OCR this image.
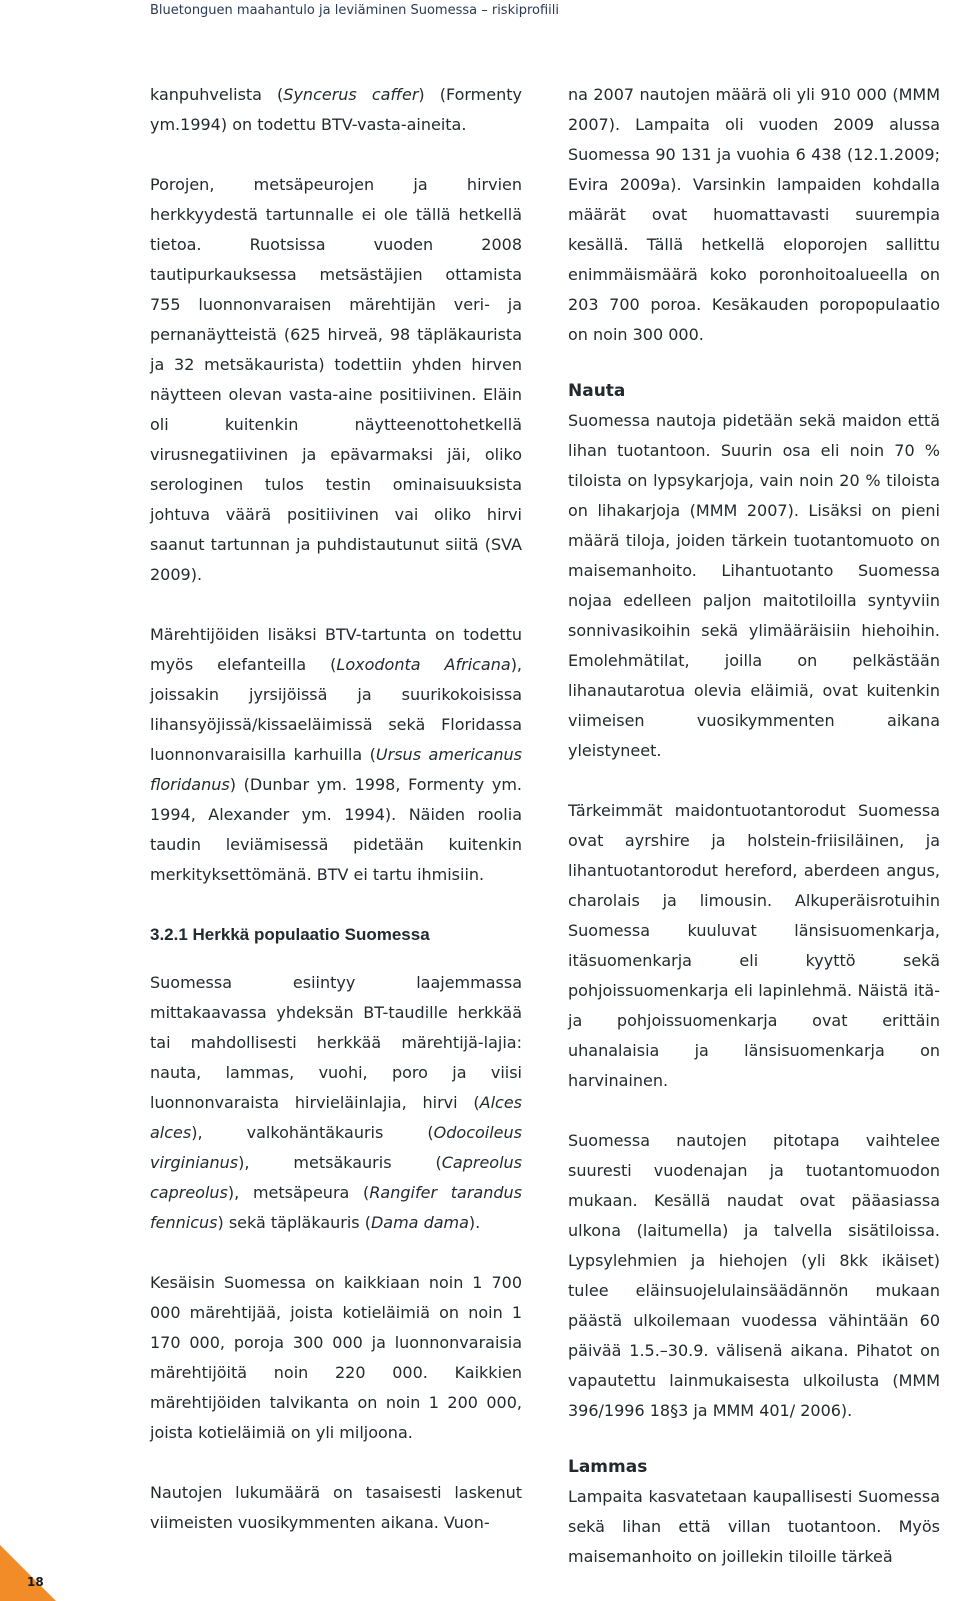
Bluetonguen maahantulo ja leviäminen Suomessa – riskiprofiili

kanpuhvelista (Syncerus caffer) (Formenty ym.1994) on todettu BTV-vasta-aineita.

Porojen, metsäpeurojen ja hirvien herkkyydestä tartunnalle ei ole tällä hetkellä tietoa. Ruotsissa vuoden 2008 tautipurkauksessa metsästäjien ottamista 755 luonnonvaraisen märehtijän veri- ja pernanäytteistä (625 hirveä, 98 täpläkaurista ja 32 metsäkaurista) todettiin yhden hirven näytteen olevan vasta-aine positiivinen. Eläin oli kuitenkin näytteenottohetkellä virusnegatiivinen ja epävarmaksi jäi, oliko serologinen tulos testin ominaisuuksista johtuva väärä positiivinen vai oliko hirvi saanut tartunnan ja puhdistautunut siitä (SVA 2009).

Märehtijöiden lisäksi BTV-tartunta on todettu myös elefanteilla (Loxodonta Africana), joissakin jyrsijöissä ja suurikokoisissa lihansyöjissä/kissaeläimissä sekä Floridassa luonnonvaraisilla karhuilla (Ursus americanus floridanus) (Dunbar ym. 1998, Formenty ym. 1994, Alexander ym. 1994). Näiden roolia taudin leviämisessä pidetään kuitenkin merkityksettömänä. BTV ei tartu ihmisiin.

3.2.1 Herkkä populaatio Suomessa

Suomessa esiintyy laajemmassa mittakaavassa yhdeksän BT-taudille herkkää tai mahdollisesti herkkää märehtijä-lajia: nauta, lammas, vuohi, poro ja viisi luonnonvaraista hirvieläinlajia, hirvi (Alces alces), valkohäntäkauris (Odocoileus virginianus), metsäkauris (Capreolus capreolus), metsäpeura (Rangifer tarandus fennicus) sekä täpläkauris (Dama dama).

Kesäisin Suomessa on kaikkiaan noin 1 700 000 märehtijää, joista kotieläimiä on noin 1 170 000, poroja 300 000 ja luonnonvaraisia märehtijöitä noin 220 000. Kaikkien märehtijöiden talvikanta on noin 1 200 000, joista kotieläimiä on yli miljoona.

Nautojen lukumäärä on tasaisesti laskenut viimeisten vuosikymmenten aikana. Vuon-

na 2007 nautojen määrä oli yli 910 000 (MMM 2007). Lampaita oli vuoden 2009 alussa Suomessa 90 131 ja vuohia 6 438 (12.1.2009; Evira 2009a). Varsinkin lampaiden kohdalla määrät ovat huomattavasti suurempia kesällä. Tällä hetkellä eloporojen sallittu enimmäismäärä koko poronhoitoalueella on 203 700 poroa. Kesäkauden poropopulaatio on noin 300 000.

Nauta

Suomessa nautoja pidetään sekä maidon että lihan tuotantoon. Suurin osa eli noin 70 % tiloista on lypsykarjoja, vain noin 20 % tiloista on lihakarjoja (MMM 2007). Lisäksi on pieni määrä tiloja, joiden tärkein tuotantomuoto on maisemanhoito. Lihantuotanto Suomessa nojaa edelleen paljon maitotiloilla syntyviin sonnivasikoihin sekä ylimääräisiin hiehoihin. Emolehmätilat, joilla on pelkästään lihanautarotua olevia eläimiä, ovat kuitenkin viimeisen vuosikymmenten aikana yleistyneet.

Tärkeimmät maidontuotantorodut Suomessa ovat ayrshire ja holstein-friisiläinen, ja lihantuotantorodut hereford, aberdeen angus, charolais ja limousin. Alkuperäisrotuihin Suomessa kuuluvat länsisuomenkarja, itäsuomenkarja eli kyyttö sekä pohjoissuomenkarja eli lapinlehmä. Näistä itä- ja pohjoissuomenkarja ovat erittäin uhanalaisia ja länsisuomenkarja on harvinainen.

Suomessa nautojen pitotapa vaihtelee suuresti vuodenajan ja tuotantomuodon mukaan. Kesällä naudat ovat pääasiassa ulkona (laitumella) ja talvella sisätiloissa. Lypsylehmien ja hiehojen (yli 8kk ikäiset) tulee eläinsuojelulainsäädännön mukaan päästä ulkoilemaan vuodessa vähintään 60 päivää 1.5.–30.9. välisenä aikana. Pihatot on vapautettu lainmukaisesta ulkoilusta (MMM 396/1996 18§3 ja MMM 401/ 2006).

Lammas

Lampaita kasvatetaan kaupallisesti Suomessa sekä lihan että villan tuotantoon. Myös maisemanhoito on joillekin tiloille tärkeä

18
